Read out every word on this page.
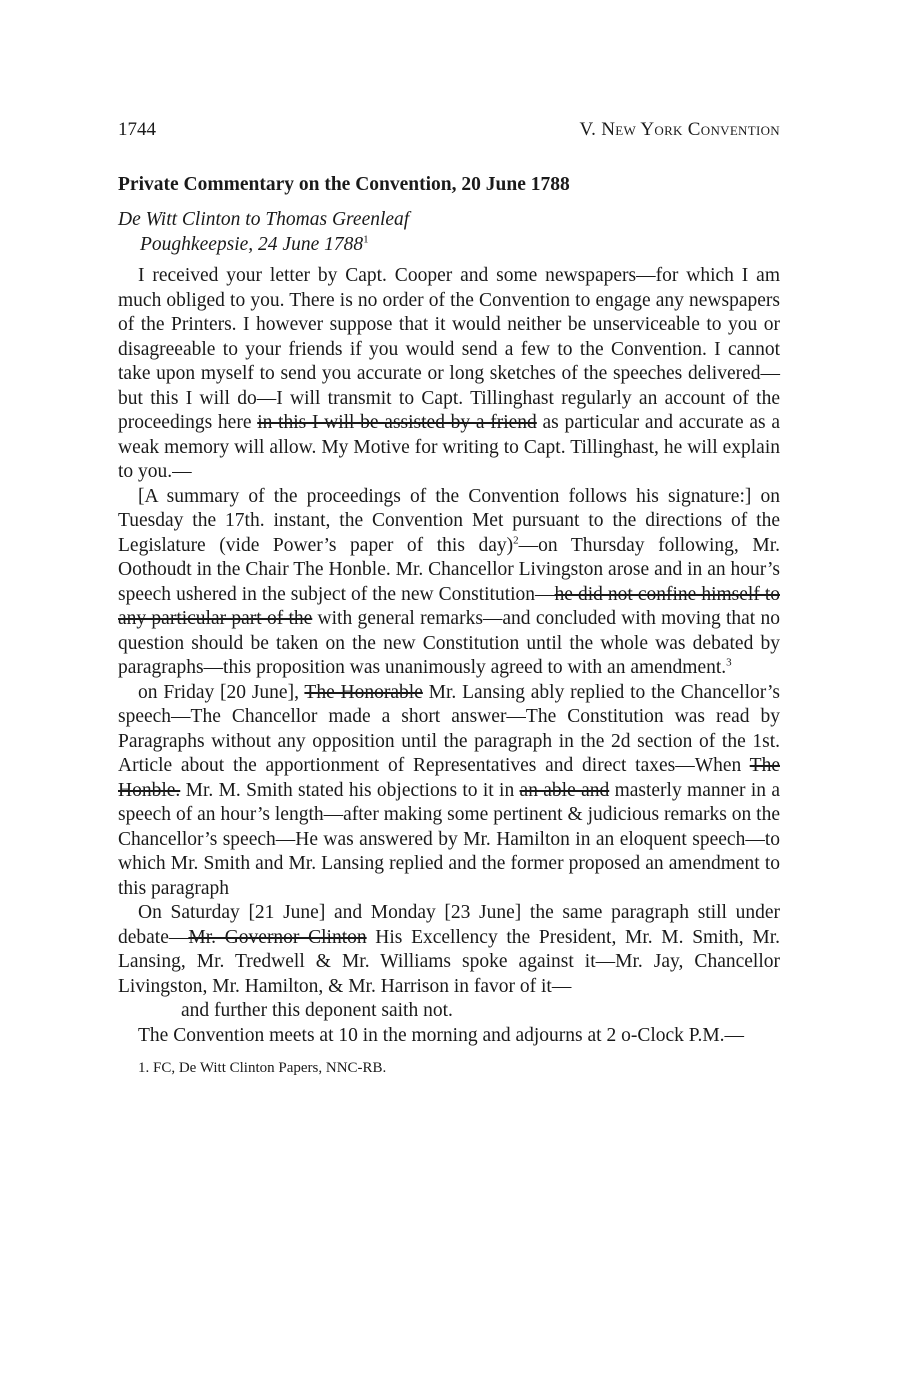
1744	V. New York Convention
Private Commentary on the Convention, 20 June 1788
De Witt Clinton to Thomas Greenleaf
Poughkeepsie, 24 June 1788$^1$

I received your letter by Capt. Cooper and some newspapers—for which I am much obliged to you. There is no order of the Convention to engage any newspapers of the Printers. I however suppose that it would neither be unserviceable to you or disagreeable to your friends if you would send a few to the Convention. I cannot take upon myself to send you accurate or long sketches of the speeches delivered—but this I will do—I will transmit to Capt. Tillinghast regularly an account of the proceedings here in this I will be assisted by a friend as particular and accurate as a weak memory will allow. My Motive for writing to Capt. Tillinghast, he will explain to you.—

[A summary of the proceedings of the Convention follows his signature:] on Tuesday the 17th. instant, the Convention Met pursuant to the directions of the Legislature (vide Power’s paper of this day)$^2$—on Thursday following, Mr. Oothoudt in the Chair The Honble. Mr. Chancellor Livingston arose and in an hour’s speech ushered in the subject of the new Constitution—he did not confine himself to any particular part of the with general remarks—and concluded with moving that no question should be taken on the new Constitution until the whole was debated by paragraphs—this proposition was unanimously agreed to with an amendment.$^3$

on Friday [20 June], The Honorable Mr. Lansing ably replied to the Chancellor’s speech—The Chancellor made a short answer—The Constitution was read by Paragraphs without any opposition until the paragraph in the 2d section of the 1st. Article about the apportionment of Representatives and direct taxes—When The Honble. Mr. M. Smith stated his objections to it in an able and masterly manner in a speech of an hour’s length—after making some pertinent & judicious remarks on the Chancellor’s speech—He was answered by Mr. Hamilton in an eloquent speech—to which Mr. Smith and Mr. Lansing replied and the former proposed an amendment to this paragraph

On Saturday [21 June] and Monday [23 June] the same paragraph still under debate—Mr. Governor Clinton His Excellency the President, Mr. M. Smith, Mr. Lansing, Mr. Tredwell & Mr. Williams spoke against it—Mr. Jay, Chancellor Livingston, Mr. Hamilton, & Mr. Harrison in favor of it—

and further this deponent saith not.

The Convention meets at 10 in the morning and adjourns at 2 o-Clock P.M.—

1. FC, De Witt Clinton Papers, NNC-RB.
